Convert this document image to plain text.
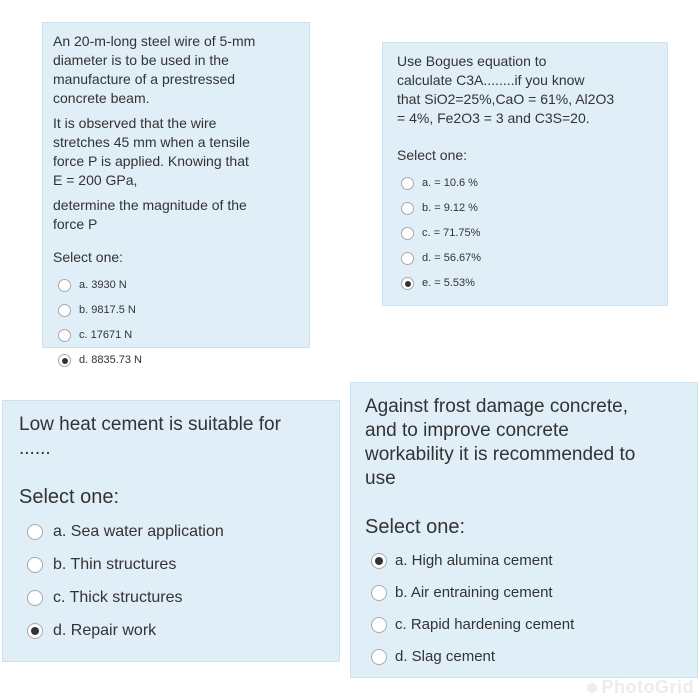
An 20-m-long steel wire of 5-mm
diameter is to be used in the
manufacture of a prestressed
concrete beam.

It is observed that the wire
stretches 45 mm when a tensile
force P is applied. Knowing that
E = 200 GPa,

determine the magnitude of the
force P

Select one:

a. 3930 N
b. 9817.5 N
c. 17671 N
d. 8835.73 N

Use Bogues equation to
calculate C3A........if you know
that SiO2=25%,CaO = 61%, Al2O3
= 4%, Fe2O3 = 3 and C3S=20.

Select one:

a. = 10.6 %
b. = 9.12 %
c. = 71.75%
d. = 56.67%
e. = 5.53%

Low heat cement is suitable for
......

Select one:

a. Sea water application
b. Thin structures
c. Thick structures
d. Repair work

Against frost damage concrete,
and to improve concrete
workability it is recommended to
use

Select one:

a. High alumina cement
b. Air entraining cement
c. Rapid hardening cement
d. Slag cement
✽ PhotoGrid
